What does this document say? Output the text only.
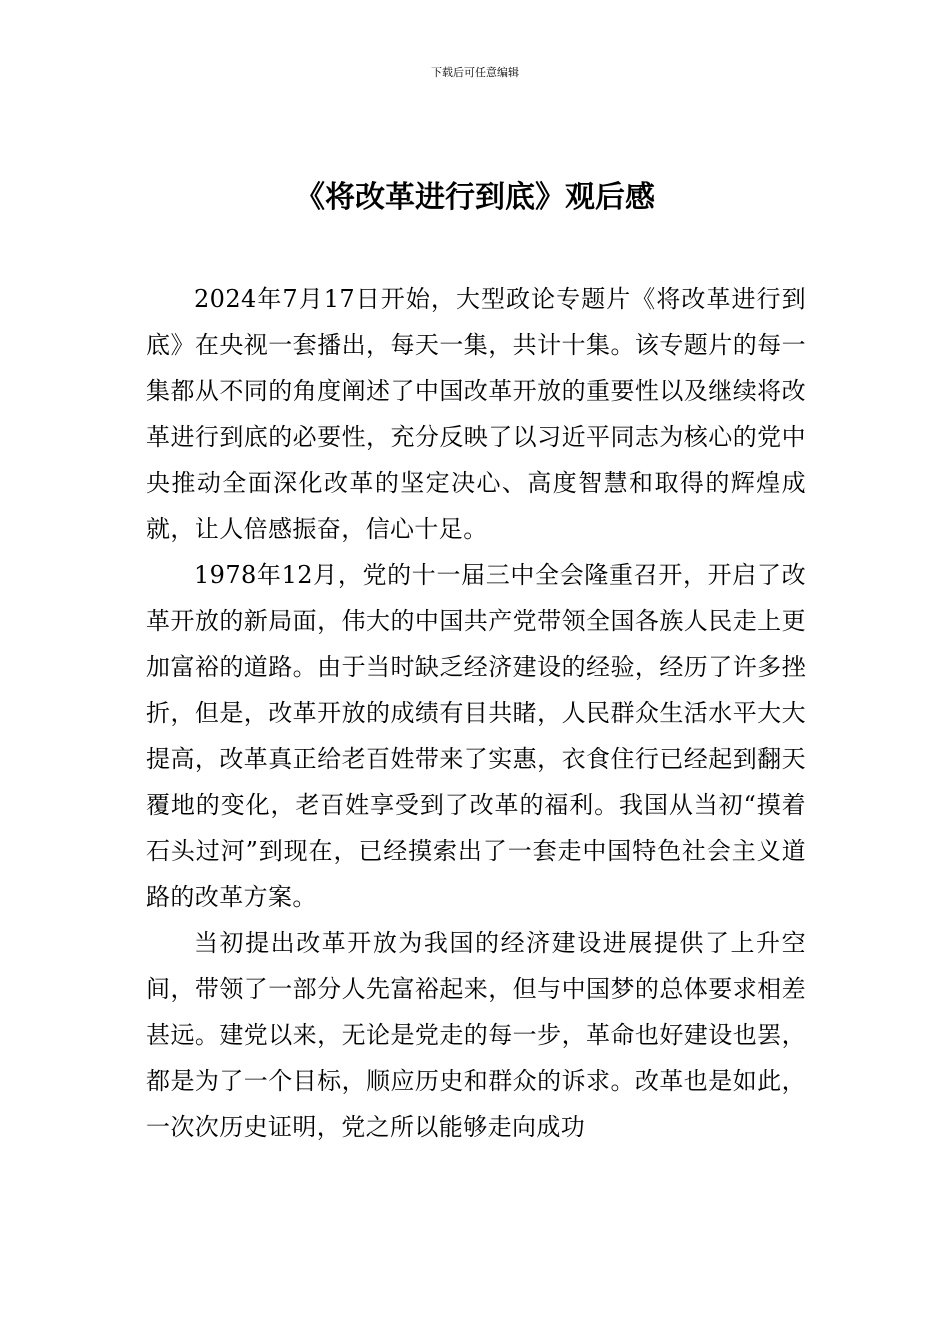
下载后可任意编辑
《将改革进行到底》观后感

2024年7月17日开始，大型政论专题片《将改革进行到底》在央视一套播出，每天一集，共计十集。该专题片的每一集都从不同的角度阐述了中国改革开放的重要性以及继续将改革进行到底的必要性，充分反映了以习近平同志为核心的党中央推动全面深化改革的坚定决心、高度智慧和取得的辉煌成就，让人倍感振奋，信心十足。

1978年12月，党的十一届三中全会隆重召开，开启了改革开放的新局面，伟大的中国共产党带领全国各族人民走上更加富裕的道路。由于当时缺乏经济建设的经验，经历了许多挫折，但是，改革开放的成绩有目共睹，人民群众生活水平大大提高，改革真正给老百姓带来了实惠，衣食住行已经起到翻天覆地的变化，老百姓享受到了改革的福利。我国从当初“摸着石头过河”到现在，已经摸索出了一套走中国特色社会主义道路的改革方案。

当初提出改革开放为我国的经济建设进展提供了上升空间，带领了一部分人先富裕起来，但与中国梦的总体要求相差甚远。建党以来，无论是党走的每一步，革命也好建设也罢，都是为了一个目标，顺应历史和群众的诉求。改革也是如此，一次次历史证明，党之所以能够走向成功
